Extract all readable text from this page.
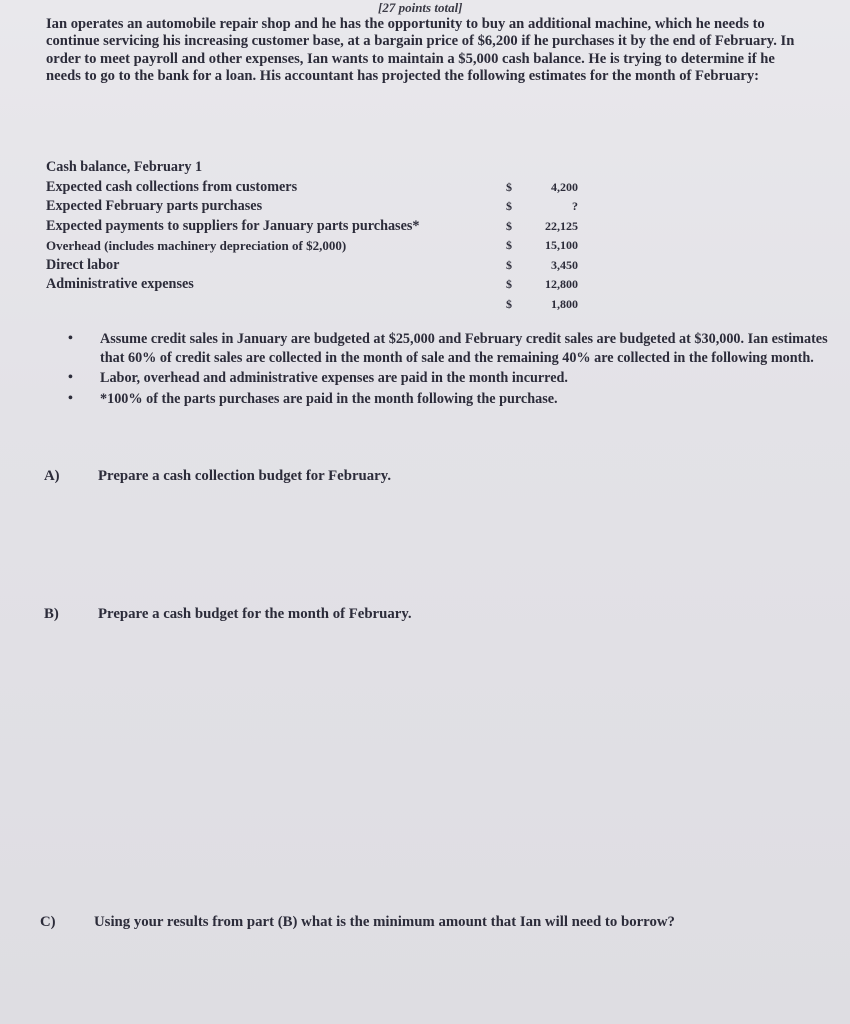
[27 points total]

Ian operates an automobile repair shop and he has the opportunity to buy an additional machine, which he needs to continue servicing his increasing customer base, at a bargain price of $6,200 if he purchases it by the end of February. In order to meet payroll and other expenses, Ian wants to maintain a $5,000 cash balance. He is trying to determine if he needs to go to the bank for a loan. His accountant has projected the following estimates for the month of February:

Cash balance, February 1
Expected cash collections from customers	$	4,200
Expected February parts purchases	$	?
Expected payments to suppliers for January parts purchases*	$	22,125
Overhead (includes machinery depreciation of $2,000)	$	15,100
Direct labor	$	3,450
Administrative expenses	$	12,800
$	1,800
• Assume credit sales in January are budgeted at $25,000 and February credit sales are budgeted at $30,000. Ian estimates that 60% of credit sales are collected in the month of sale and the remaining 40% are collected in the following month.
• Labor, overhead and administrative expenses are paid in the month incurred.
• *100% of the parts purchases are paid in the month following the purchase.
A)	Prepare a cash collection budget for February.
B)	Prepare a cash budget for the month of February.
C)	Using your results from part (B) what is the minimum amount that Ian will need to borrow?
